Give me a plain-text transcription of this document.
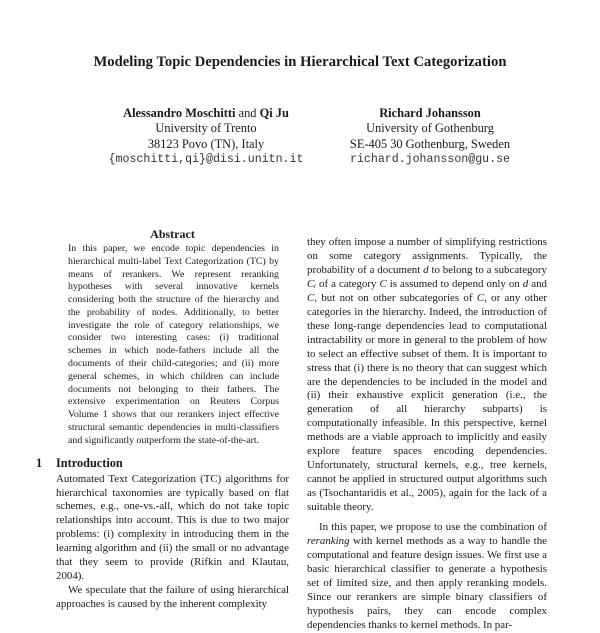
Modeling Topic Dependencies in Hierarchical Text Categorization
Alessandro Moschitti and Qi Ju
University of Trento
38123 Povo (TN), Italy
{moschitti,qi}@disi.unitn.it
Richard Johansson
University of Gothenburg
SE-405 30 Gothenburg, Sweden
richard.johansson@gu.se
Abstract

In this paper, we encode topic dependencies in hierarchical multi-label Text Categorization (TC) by means of rerankers. We represent reranking hypotheses with several innovative kernels considering both the structure of the hierarchy and the probability of nodes. Additionally, to better investigate the role of category relationships, we consider two interesting cases: (i) traditional schemes in which node-fathers include all the documents of their child-categories; and (ii) more general schemes, in which children can include documents not belonging to their fathers. The extensive experimentation on Reuters Corpus Volume 1 shows that our rerankers inject effective structural semantic dependencies in multi-classifiers and significantly outperform the state-of-the-art.

1 Introduction

Automated Text Categorization (TC) algorithms for hierarchical taxonomies are typically based on flat schemes, e.g., one-vs.-all, which do not take topic relationships into account. This is due to two major problems: (i) complexity in introducing them in the learning algorithm and (ii) the small or no advantage that they seem to provide (Rifkin and Klautau, 2004).

We speculate that the failure of using hierarchical approaches is caused by the inherent complexity

they often impose a number of simplifying restrictions on some category assignments. Typically, the probability of a document d to belong to a subcategory Cᵢ of a category C is assumed to depend only on d and C, but not on other subcategories of C, or any other categories in the hierarchy. Indeed, the introduction of these long-range dependencies lead to computational intractability or more in general to the problem of how to select an effective subset of them. It is important to stress that (i) there is no theory that can suggest which are the dependencies to be included in the model and (ii) their exhaustive explicit generation (i.e., the generation of all hierarchy subparts) is computationally infeasible. In this perspective, kernel methods are a viable approach to implicitly and easily explore feature spaces encoding dependencies. Unfortunately, structural kernels, e.g., tree kernels, cannot be applied in structured output algorithms such as (Tsochantaridis et al., 2005), again for the lack of a suitable theory.

In this paper, we propose to use the combination of reranking with kernel methods as a way to handle the computational and feature design issues. We first use a basic hierarchical classifier to generate a hypothesis set of limited size, and then apply reranking models. Since our rerankers are simple binary classifiers of hypothesis pairs, they can encode complex dependencies thanks to kernel methods. In par-
